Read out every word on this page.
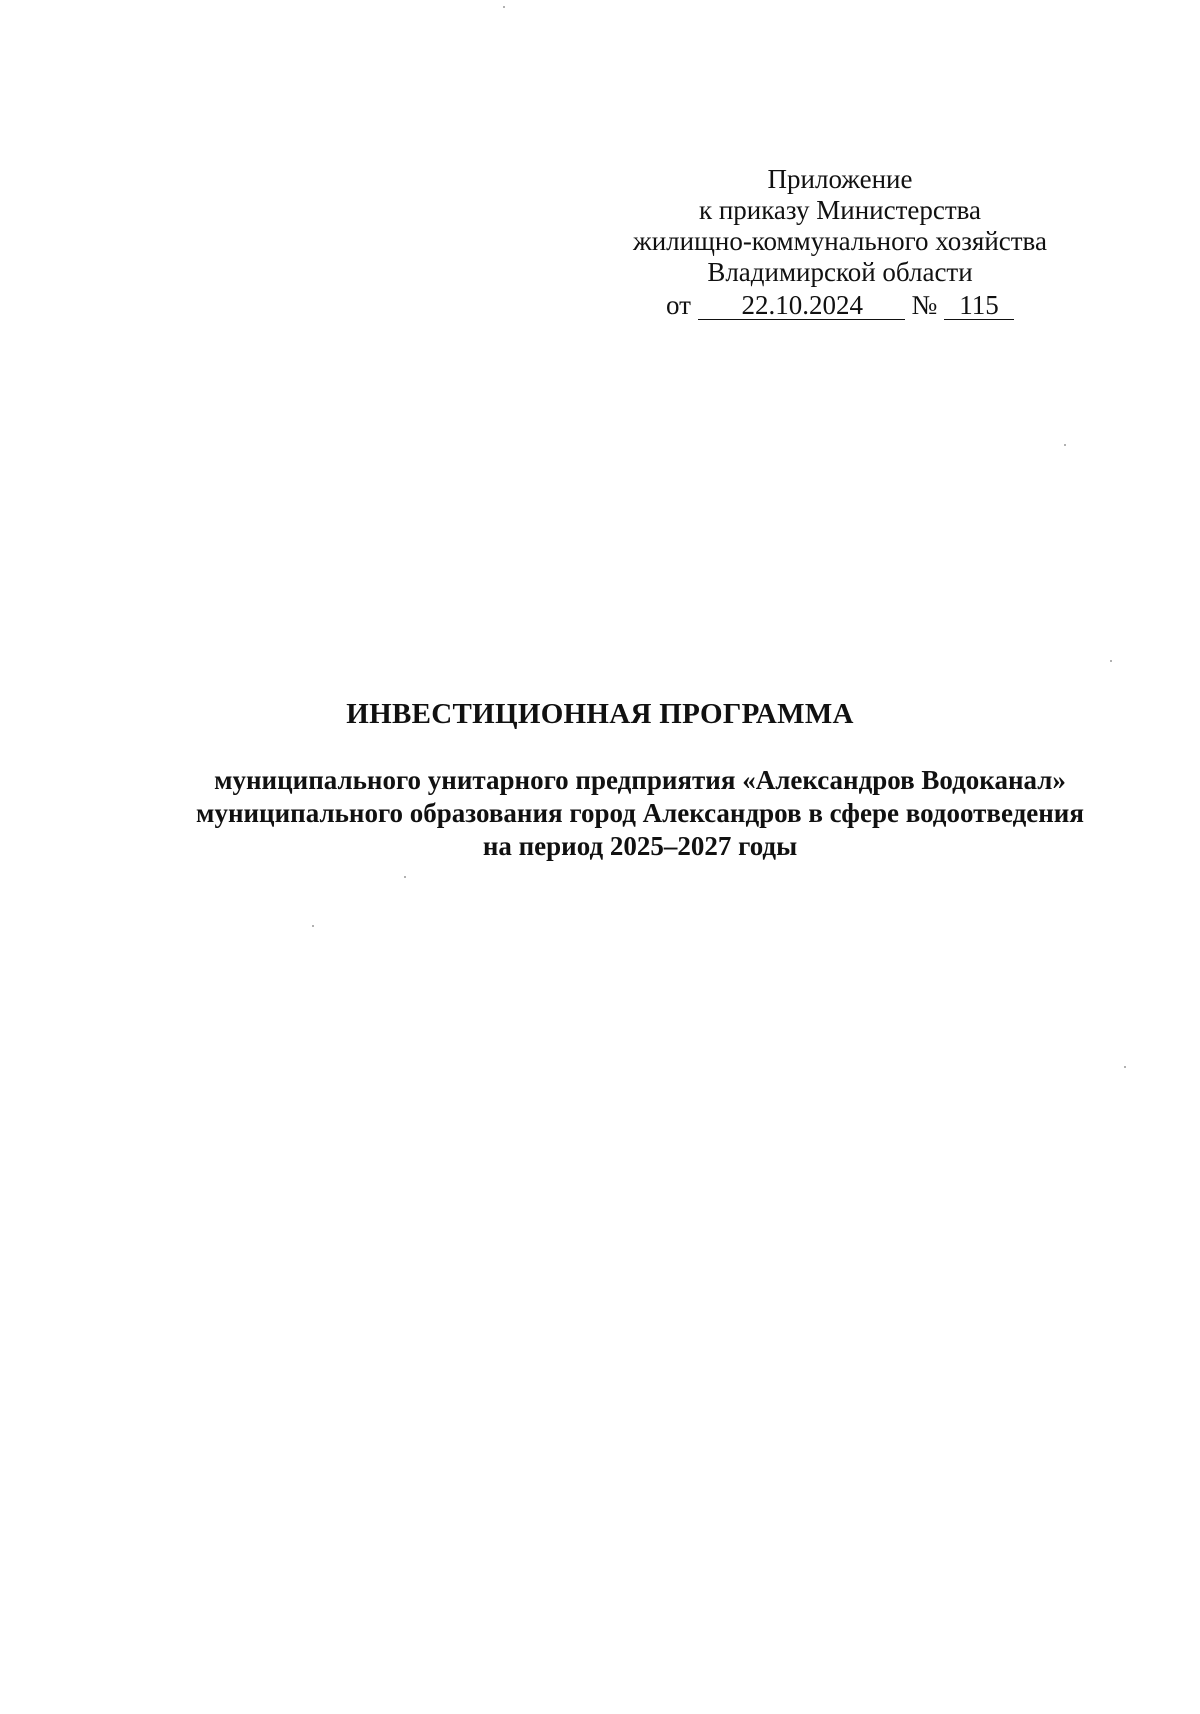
Приложение
к приказу Министерства
жилищно-коммунального хозяйства
Владимирской области
от 22.10.2024 № 115
ИНВЕСТИЦИОННАЯ ПРОГРАММА
муниципального унитарного предприятия «Александров Водоканал»
муниципального образования город Александров в сфере водоотведения
на период 2025–2027 годы
